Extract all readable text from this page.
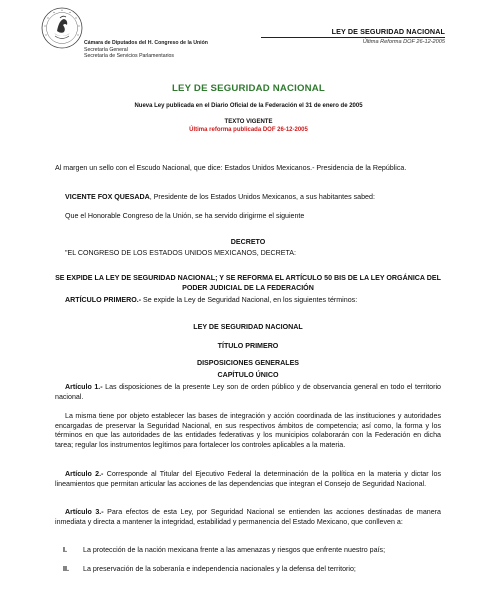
Cámara de Diputados del H. Congreso de la Unión
Secretaría General
Secretaría de Servicios Parlamentarios
LEY DE SEGURIDAD NACIONAL
Última Reforma DOF 26-12-2005
LEY DE SEGURIDAD NACIONAL
Nueva Ley publicada en el Diario Oficial de la Federación el 31 de enero de 2005
TEXTO VIGENTE
Última reforma publicada DOF 26-12-2005

Al margen un sello con el Escudo Nacional, que dice: Estados Unidos Mexicanos.- Presidencia de la República.

VICENTE FOX QUESADA, Presidente de los Estados Unidos Mexicanos, a sus habitantes sabed:

Que el Honorable Congreso de la Unión, se ha servido dirigirme el siguiente

DECRETO

"EL CONGRESO DE LOS ESTADOS UNIDOS MEXICANOS, DECRETA:

SE EXPIDE LA LEY DE SEGURIDAD NACIONAL; Y SE REFORMA EL ARTÍCULO 50 BIS DE LA LEY ORGÁNICA DEL PODER JUDICIAL DE LA FEDERACIÓN

ARTÍCULO PRIMERO.- Se expide la Ley de Seguridad Nacional, en los siguientes términos:

LEY DE SEGURIDAD NACIONAL

TÍTULO PRIMERO

DISPOSICIONES GENERALES

CAPÍTULO ÚNICO

Artículo 1.- Las disposiciones de la presente Ley son de orden público y de observancia general en todo el territorio nacional.

La misma tiene por objeto establecer las bases de integración y acción coordinada de las instituciones y autoridades encargadas de preservar la Seguridad Nacional, en sus respectivos ámbitos de competencia; así como, la forma y los términos en que las autoridades de las entidades federativas y los municipios colaborarán con la Federación en dicha tarea; regular los instrumentos legítimos para fortalecer los controles aplicables a la materia.

Artículo 2.- Corresponde al Titular del Ejecutivo Federal la determinación de la política en la materia y dictar los lineamientos que permitan articular las acciones de las dependencias que integran el Consejo de Seguridad Nacional.

Artículo 3.- Para efectos de esta Ley, por Seguridad Nacional se entienden las acciones destinadas de manera inmediata y directa a mantener la integridad, estabilidad y permanencia del Estado Mexicano, que conlleven a:

I.	La protección de la nación mexicana frente a las amenazas y riesgos que enfrente nuestro país;
II.	La preservación de la soberanía e independencia nacionales y la defensa del territorio;
